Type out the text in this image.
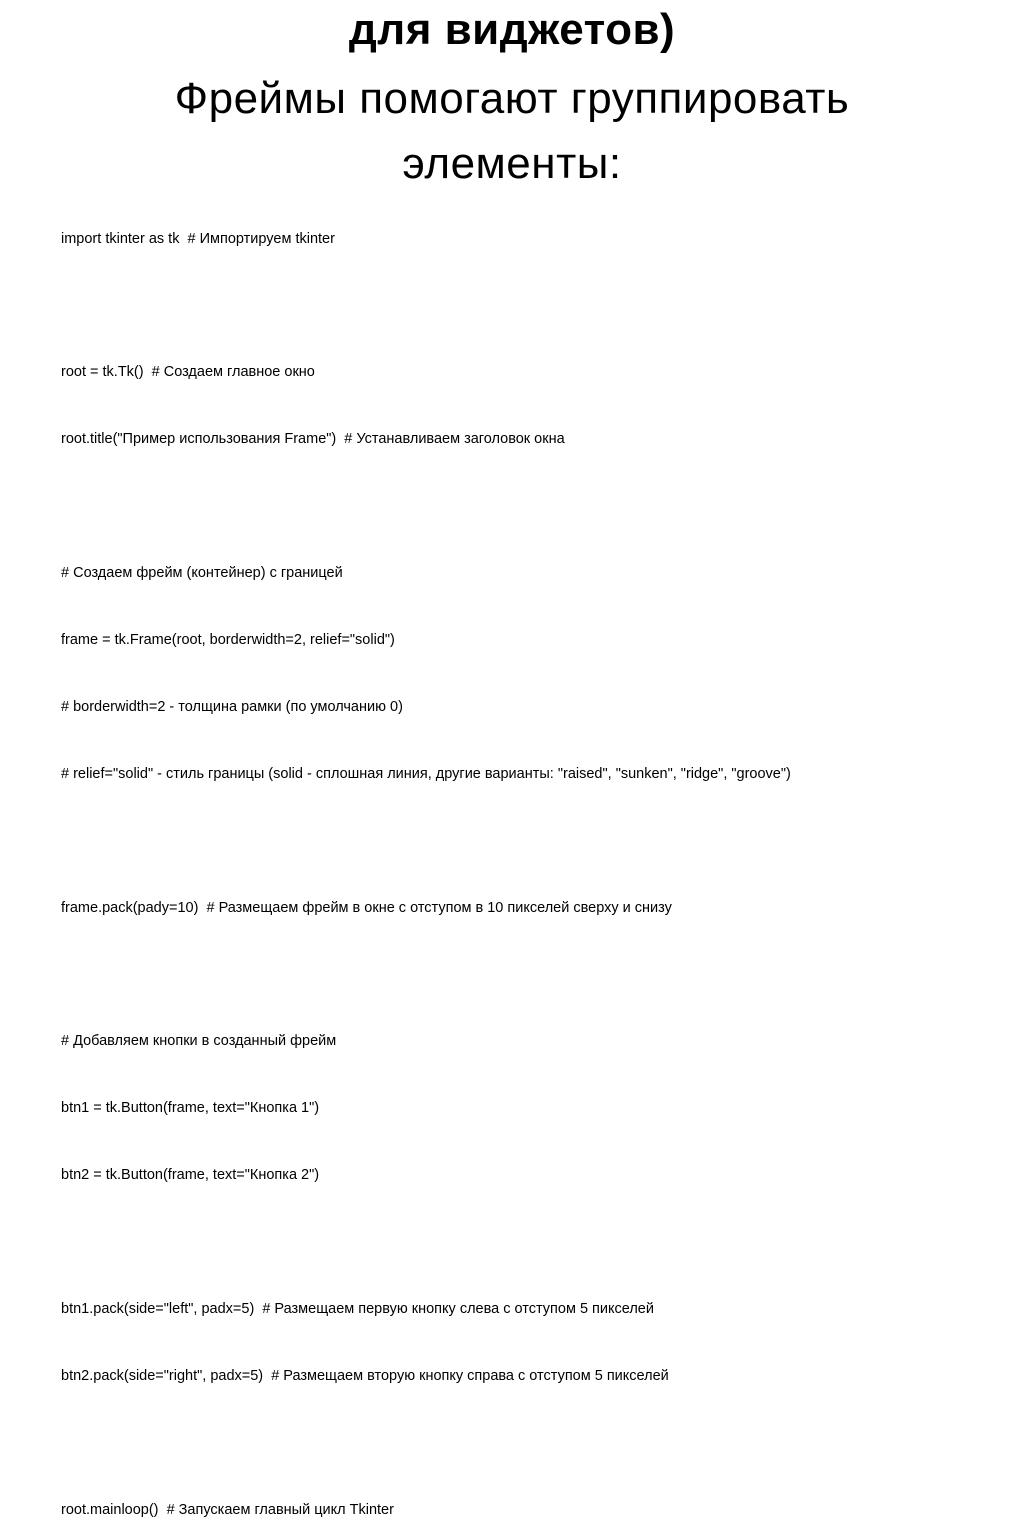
для виджетов)
Фреймы помогают группировать
элементы:

import tkinter as tk  # Импортируем tkinter

root = tk.Tk()  # Создаем главное окно

root.title("Пример использования Frame")  # Устанавливаем заголовок окна

# Создаем фрейм (контейнер) с границей

frame = tk.Frame(root, borderwidth=2, relief="solid")

# borderwidth=2 - толщина рамки (по умолчанию 0)

# relief="solid" - стиль границы (solid - сплошная линия, другие варианты: "raised", "sunken", "ridge", "groove")

frame.pack(pady=10)  # Размещаем фрейм в окне с отступом в 10 пикселей сверху и снизу

# Добавляем кнопки в созданный фрейм

btn1 = tk.Button(frame, text="Кнопка 1")

btn2 = tk.Button(frame, text="Кнопка 2")

btn1.pack(side="left", padx=5)  # Размещаем первую кнопку слева с отступом 5 пикселей

btn2.pack(side="right", padx=5)  # Размещаем вторую кнопку справа с отступом 5 пикселей

root.mainloop()  # Запускаем главный цикл Tkinter
